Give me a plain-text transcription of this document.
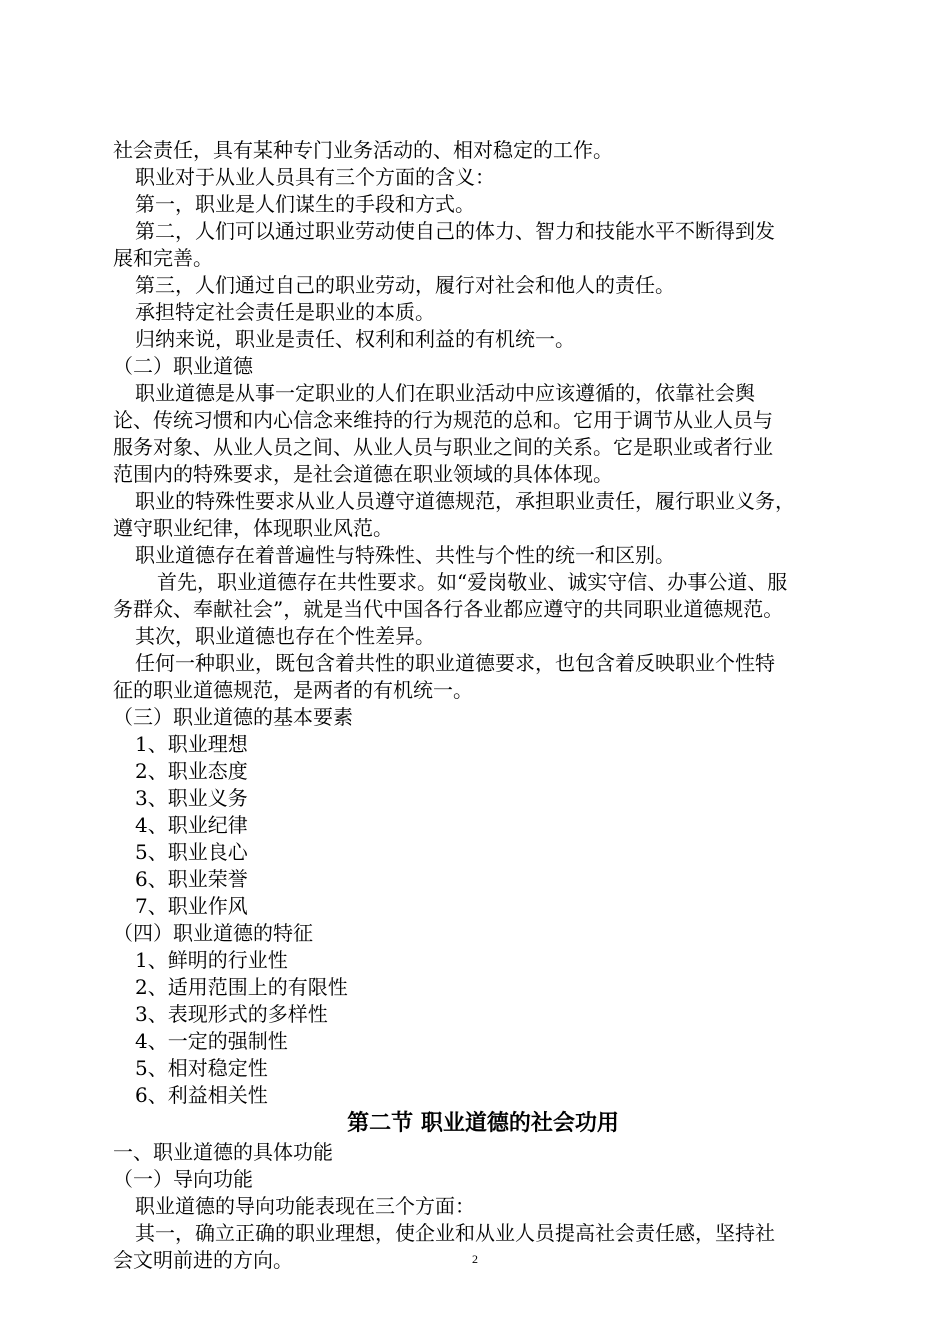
社会责任，具有某种专门业务活动的、相对稳定的工作。
职业对于从业人员具有三个方面的含义：
第一，职业是人们谋生的手段和方式。
第二，人们可以通过职业劳动使自己的体力、智力和技能水平不断得到发
展和完善。
第三，人们通过自己的职业劳动，履行对社会和他人的责任。
承担特定社会责任是职业的本质。
归纳来说，职业是责任、权利和利益的有机统一。
（二）职业道德
职业道德是从事一定职业的人们在职业活动中应该遵循的，依靠社会舆
论、传统习惯和内心信念来维持的行为规范的总和。它用于调节从业人员与
服务对象、从业人员之间、从业人员与职业之间的关系。它是职业或者行业
范围内的特殊要求，是社会道德在职业领域的具体体现。
职业的特殊性要求从业人员遵守道德规范，承担职业责任，履行职业义务，
遵守职业纪律，体现职业风范。
职业道德存在着普遍性与特殊性、共性与个性的统一和区别。
首先，职业道德存在共性要求。如“爱岗敬业、诚实守信、办事公道、服
务群众、奉献社会”，就是当代中国各行各业都应遵守的共同职业道德规范。
其次，职业道德也存在个性差异。
任何一种职业，既包含着共性的职业道德要求，也包含着反映职业个性特
征的职业道德规范，是两者的有机统一。
（三）职业道德的基本要素
1、职业理想
2、职业态度
3、职业义务
4、职业纪律
5、职业良心
6、职业荣誉
7、职业作风
（四）职业道德的特征
1、鲜明的行业性
2、适用范围上的有限性
3、表现形式的多样性
4、一定的强制性
5、相对稳定性
6、利益相关性
第二节 职业道德的社会功用
一、职业道德的具体功能
（一）导向功能
职业道德的导向功能表现在三个方面：
其一，确立正确的职业理想，使企业和从业人员提高社会责任感，坚持社
会文明前进的方向。	2
